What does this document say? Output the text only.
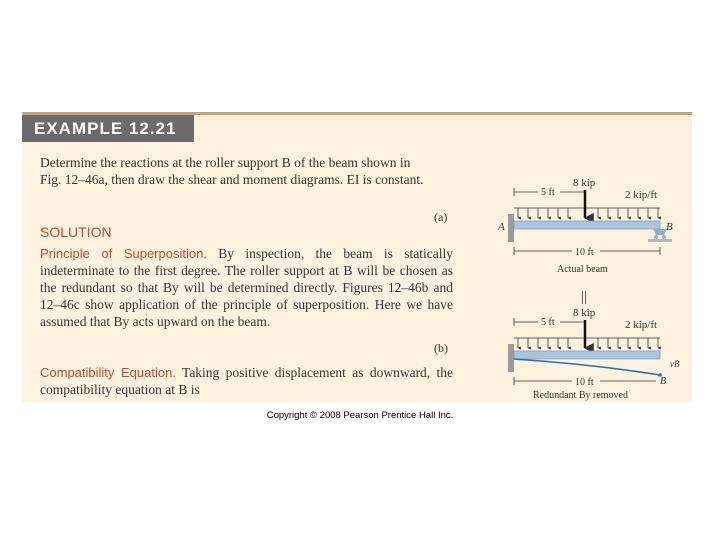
EXAMPLE 12.21
Determine the reactions at the roller support B of the beam shown in
Fig. 12–46a, then draw the shear and moment diagrams. EI is constant.
(a)
SOLUTION
Principle of Superposition. By inspection, the beam is statically indeterminate to the first degree. The roller support at B will be chosen as the redundant so that By will be determined directly. Figures 12–46b and 12–46c show application of the principle of superposition. Here we have assumed that By acts upward on the beam.
(b)
Compatibility Equation. Taking positive displacement as downward, the compatibility equation at B is
8 kip
2 kip/ft
5 ft
A	B
10 ft
Actual beam
||
8 kip
2 kip/ft
5 ft
vB
B
10 ft
Redundant By removed
Copyright © 2008 Pearson Prentice Hall Inc.
